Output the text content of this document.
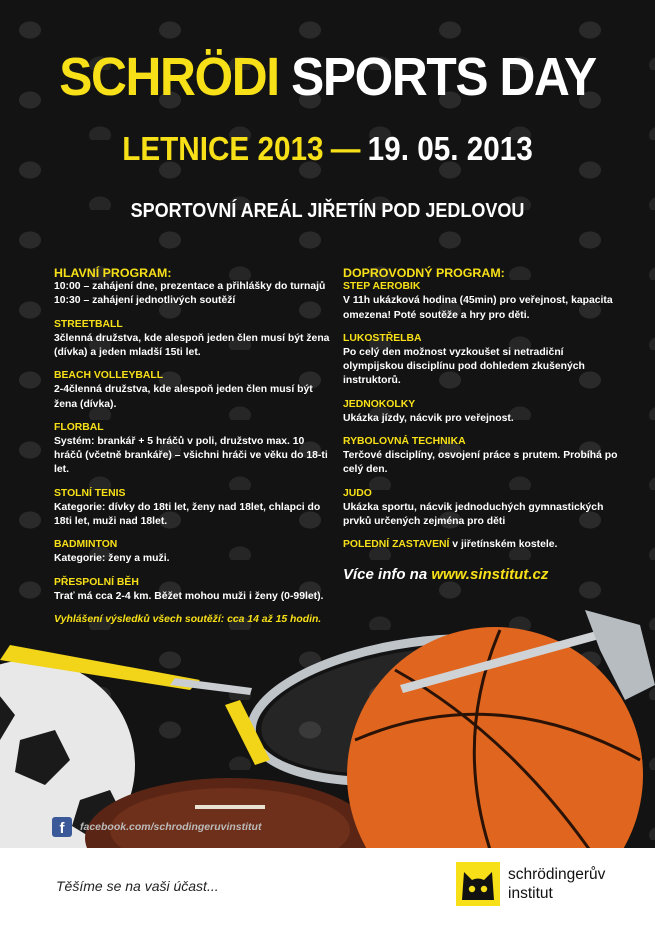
SCHRÖDI SPORTS DAY
LETNICE 2013 — 19. 05. 2013
SPORTOVNÍ AREÁL JIŘETÍN POD JEDLOVOU
HLAVNÍ PROGRAM:
10:00 – zahájení dne, prezentace a přihlášky do turnajů
10:30 – zahájení jednotlivých soutěží
STREETBALL
3členná družstva, kde alespoň jeden člen musí být žena (dívka) a jeden mladší 15ti let.
BEACH VOLLEYBALL
2-4členná družstva, kde alespoň jeden člen musí být žena (dívka).
FLORBAL
Systém: brankář + 5 hráčů v poli, družstvo max. 10 hráčů (včetně brankáře) – všichni hráči ve věku do 18-ti let.
STOLNÍ TENIS
Kategorie: dívky do 18ti let, ženy nad 18let, chlapci do 18ti let, muži nad 18let.
BADMINTON
Kategorie: ženy a muži.
PŘESPOLNÍ BĚH
Trať má cca 2-4 km. Běžet mohou muži i ženy (0-99let).
Vyhlášení výsledků všech soutěží: cca 14 až 15 hodin.
DOPROVODNÝ PROGRAM:
STEP AEROBIK
V 11h ukázková hodina (45min) pro veřejnost, kapacita omezena! Poté soutěže a hry pro děti.
LUKOSTŘELBA
Po celý den možnost vyzkoušet si netradiční olympijskou disciplínu pod dohledem zkušených instruktorů.
JEDNOKOLKY
Ukázka jízdy, nácvik pro veřejnost.
RYBOLOVNÁ TECHNIKA
Terčové disciplíny, osvojení práce s prutem. Probíhá po celý den.
JUDO
Ukázka sportu, nácvik jednoduchých gymnastických prvků určených zejména pro děti
POLEDNÍ ZASTAVENÍ v jiřetínském kostele.
Více info na www.sinstitut.cz
f	facebook.com/schrodingeruvinstitut
Těšíme se na vaši účast...
schrödingerův
institut
